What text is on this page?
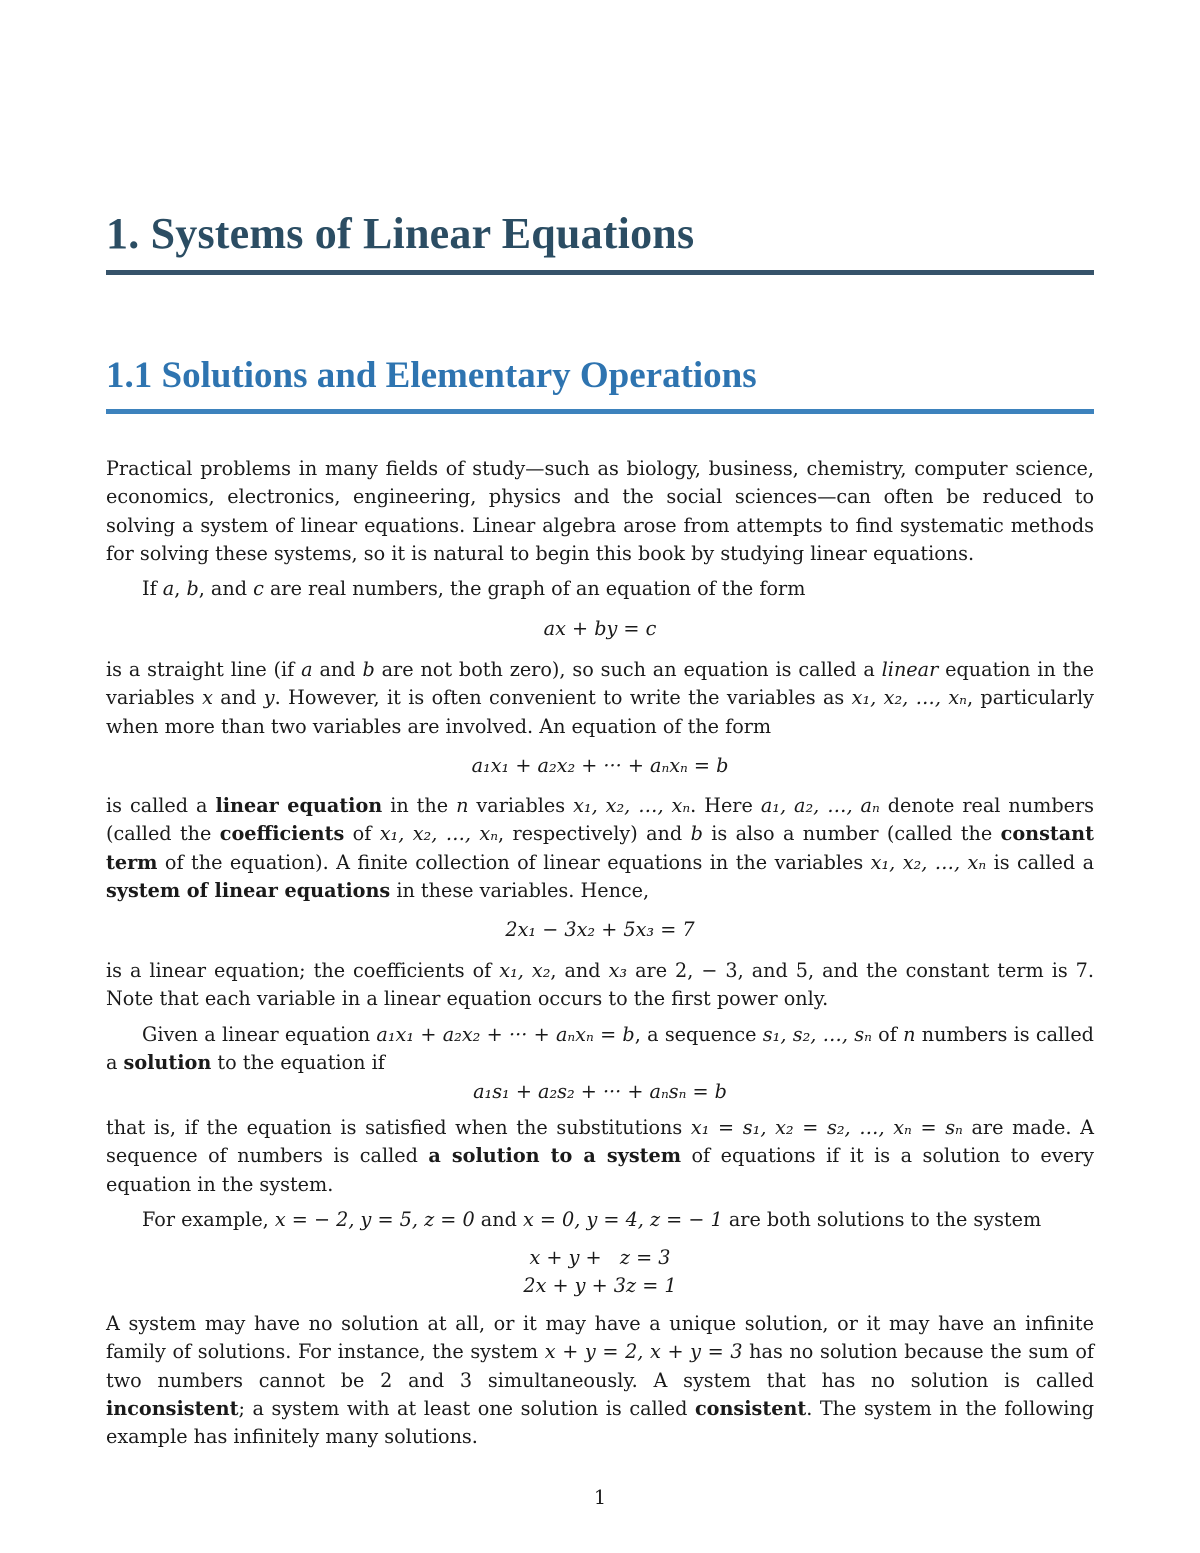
1. Systems of Linear Equations
1.1 Solutions and Elementary Operations

Practical problems in many fields of study—such as biology, business, chemistry, computer science, economics, electronics, engineering, physics and the social sciences—can often be reduced to solving a system of linear equations. Linear algebra arose from attempts to find systematic methods for solving these systems, so it is natural to begin this book by studying linear equations.

If a, b, and c are real numbers, the graph of an equation of the form

ax + by = c

is a straight line (if a and b are not both zero), so such an equation is called a linear equation in the variables x and y. However, it is often convenient to write the variables as x₁, x₂, …, xₙ, particularly when more than two variables are involved. An equation of the form

a₁x₁ + a₂x₂ + ··· + aₙxₙ = b

is called a linear equation in the n variables x₁, x₂, …, xₙ. Here a₁, a₂, …, aₙ denote real numbers (called the coefficients of x₁, x₂, …, xₙ, respectively) and b is also a number (called the constant term of the equation). A finite collection of linear equations in the variables x₁, x₂, …, xₙ is called a system of linear equations in these variables. Hence,

2x₁ − 3x₂ + 5x₃ = 7

is a linear equation; the coefficients of x₁, x₂, and x₃ are 2, − 3, and 5, and the constant term is 7. Note that each variable in a linear equation occurs to the first power only.

Given a linear equation a₁x₁ + a₂x₂ + ··· + aₙxₙ = b, a sequence s₁, s₂, …, sₙ of n numbers is called a solution to the equation if

a₁s₁ + a₂s₂ + ··· + aₙsₙ = b

that is, if the equation is satisfied when the substitutions x₁ = s₁, x₂ = s₂, …, xₙ = sₙ are made. A sequence of numbers is called a solution to a system of equations if it is a solution to every equation in the system.

For example, x = − 2, y = 5, z = 0 and x = 0, y = 4, z = − 1 are both solutions to the system

x + y +   z = 3
2x + y + 3z = 1

A system may have no solution at all, or it may have a unique solution, or it may have an infinite family of solutions. For instance, the system x + y = 2, x + y = 3 has no solution because the sum of two numbers cannot be 2 and 3 simultaneously. A system that has no solution is called inconsistent; a system with at least one solution is called consistent. The system in the following example has infinitely many solutions.

1
